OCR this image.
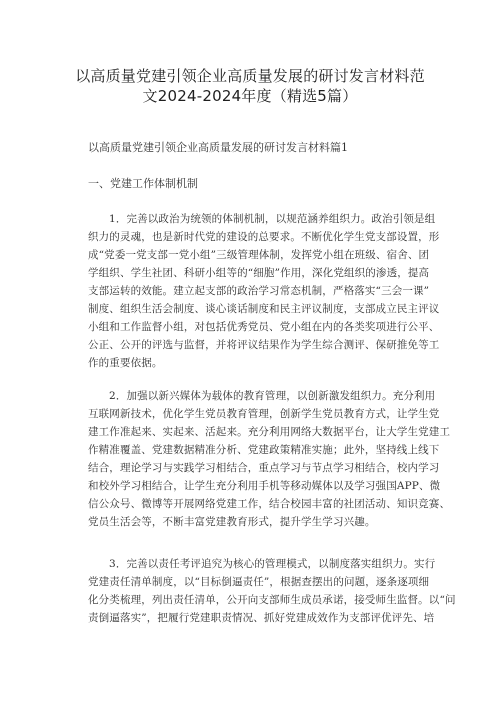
以高质量党建引领企业高质量发展的研讨发言材料范
文2024-2024年度（精选5篇）
以高质量党建引领企业高质量发展的研讨发言材料篇1
一、党建工作体制机制
1．完善以政治为统领的体制机制，以规范涵养组织力。政治引领是组
织力的灵魂，也是新时代党的建设的总要求。不断优化学生党支部设置，形
成“党委一党支部一党小组”三级管理体制，发挥党小组在班级、宿舍、团
学组织、学生社团、科研小组等的“细胞”作用，深化党组织的渗透，提高
支部运转的效能。建立起支部的政治学习常态机制，严格落实“三会一课”
制度、组织生活会制度、谈心谈话制度和民主评议制度，支部成立民主评议
小组和工作监督小组，对包括优秀党员、党小组在内的各类奖项进行公平、
公正、公开的评选与监督，并将评议结果作为学生综合测评、保研推免等工
作的重要依据。
2．加强以新兴媒体为载体的教育管理，以创新激发组织力。充分利用
互联网新技术，优化学生党员教育管理，创新学生党员教育方式，让学生党
建工作准起来、实起来、活起来。充分利用网络大数据平台，让大学生党建工
作精准覆盖、党建数据精准分析、党建政策精准实施；此外，坚持线上线下
结合，理论学习与实践学习相结合，重点学习与节点学习相结合，校内学习
和校外学习相结合，让学生充分利用手机等移动媒体以及学习强国APP、微
信公众号、微博等开展网络党建工作，结合校园丰富的社团活动、知识竞赛、
党员生活会等，不断丰富党建教育形式，提升学生学习兴趣。
3．完善以责任考评追究为核心的管理模式，以制度落实组织力。实行
党建责任清单制度，以“目标倒逼责任”，根据查摆出的问题，逐条逐项细
化分类梳理，列出责任清单，公开向支部师生成员承诺，接受师生监督。以“问
责倒逼落实”，把履行党建职责情况、抓好党建成效作为支部评优评先、培
